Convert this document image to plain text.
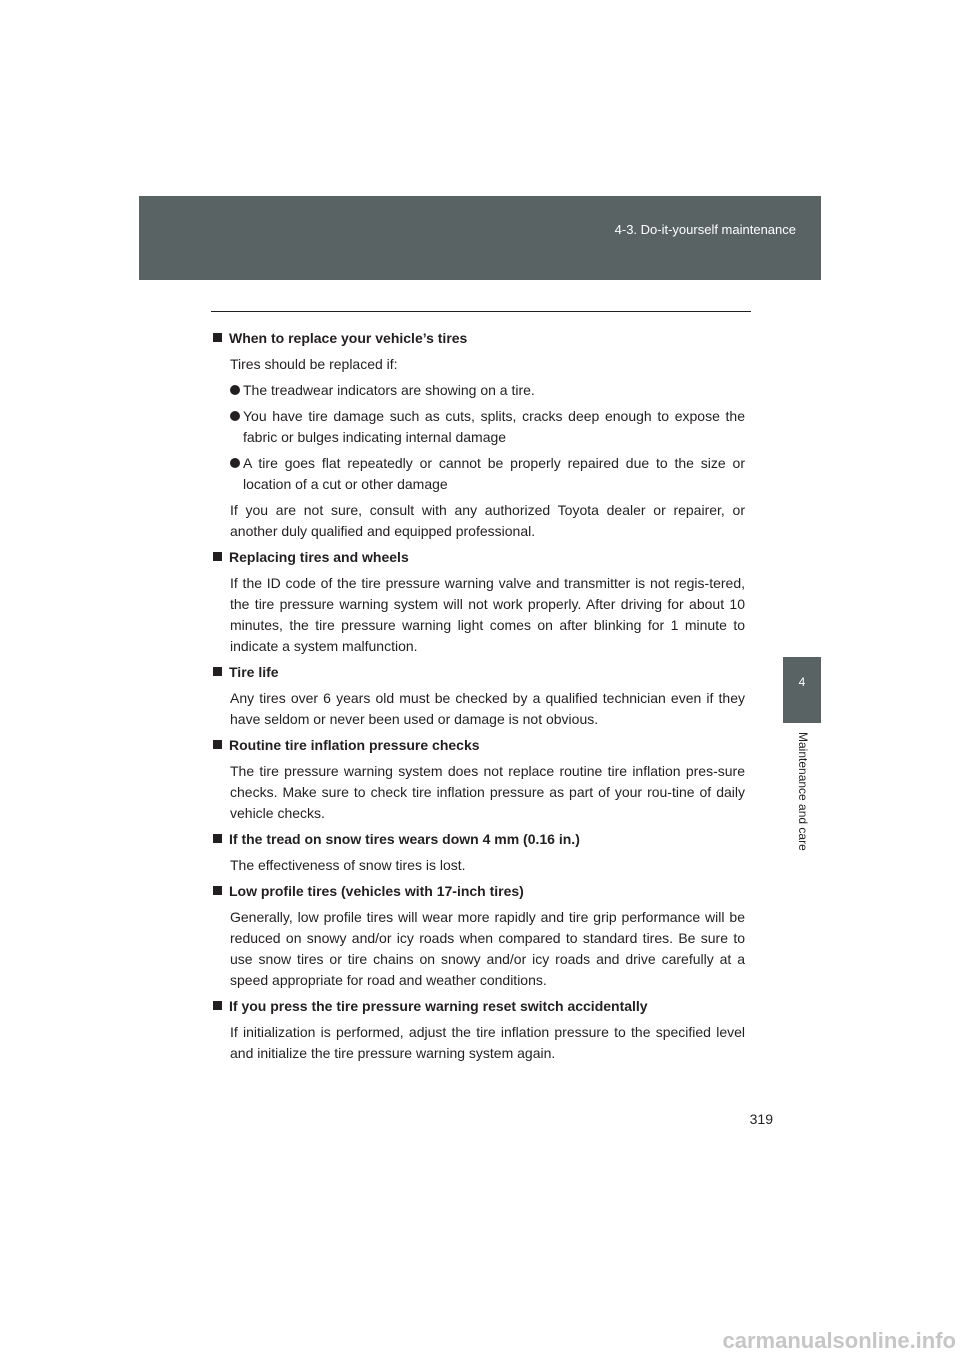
4-3. Do-it-yourself maintenance
4
Maintenance and care
When to replace your vehicle’s tires
Tires should be replaced if:
The treadwear indicators are showing on a tire.
You have tire damage such as cuts, splits, cracks deep enough to expose the fabric or bulges indicating internal damage
A tire goes flat repeatedly or cannot be properly repaired due to the size or location of a cut or other damage
If you are not sure, consult with any authorized Toyota dealer or repairer, or another duly qualified and equipped professional.
Replacing tires and wheels
If the ID code of the tire pressure warning valve and transmitter is not regis-tered, the tire pressure warning system will not work properly. After driving for about 10 minutes, the tire pressure warning light comes on after blinking for 1 minute to indicate a system malfunction.
Tire life
Any tires over 6 years old must be checked by a qualified technician even if they have seldom or never been used or damage is not obvious.
Routine tire inflation pressure checks
The tire pressure warning system does not replace routine tire inflation pres-sure checks. Make sure to check tire inflation pressure as part of your rou-tine of daily vehicle checks.
If the tread on snow tires wears down 4 mm (0.16 in.)
The effectiveness of snow tires is lost.
Low profile tires (vehicles with 17-inch tires)
Generally, low profile tires will wear more rapidly and tire grip performance will be reduced on snowy and/or icy roads when compared to standard tires. Be sure to use snow tires or tire chains on snowy and/or icy roads and drive carefully at a speed appropriate for road and weather conditions.
If you press the tire pressure warning reset switch accidentally
If initialization is performed, adjust the tire inflation pressure to the specified level and initialize the tire pressure warning system again.
319
carmanualsonline.info
